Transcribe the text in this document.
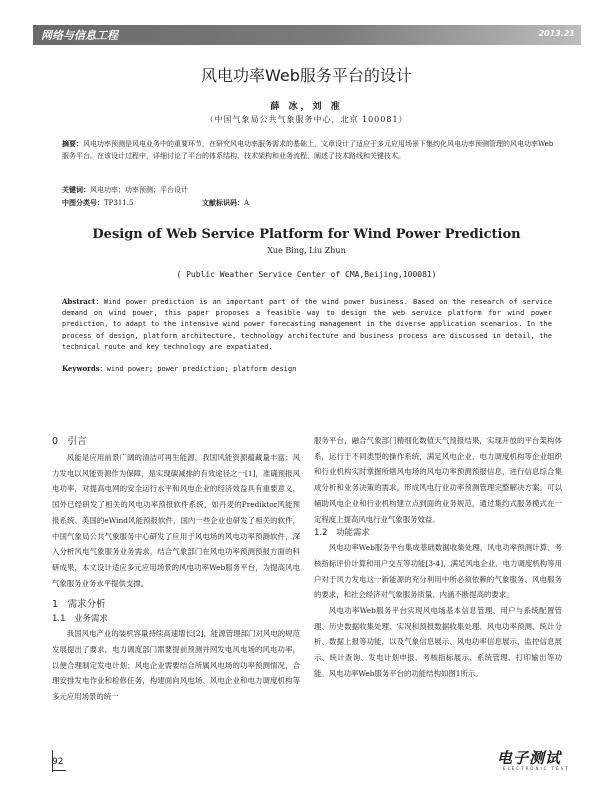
网络与信息工程	2013.21
风电功率Web服务平台的设计
薛 冰，刘 准
（中国气象局公共气象服务中心，北京 100081）
摘要：风电功率预测是风电业务中的重要环节，在研究风电功率服务需求的基础上，文章设计了适应于多元应用场景下集约化风电功率预测管理的风电功率Web服务平台。在该设计过程中，详细讨论了平台的体系结构、技术架构和业务流程，阐述了技术路线和关键技术。
关键词：风电功率；功率预测；平台设计
中图分类号：TP311.5	文献标识码：A
Design of Web Service Platform for Wind Power Prediction
Xue Bing, Liu Zhun
( Public Weather Service Center of CMA,Beijing,100081)
Abstract：Wind power prediction is an important part of the wind power business. Based on the research of service demand on wind power, this paper proposes a feasible way to design the web service platform for wind power prediction, to adapt to the intensive wind power forecasting management in the diverse application scenarios. In the process of design, platform architecture, technology architecture and business process are discussed in detail, the technical route and key technology are expatiated.
Keywords：wind power; power prediction; platform design
0　引言

风能是应用前景广阔的清洁可再生能源，我国风能资源蕴藏量丰富；风力发电以风能资源作为保障，是实现碳减排的有效途径之一[1]，准确预报风电功率，对提高电网的安全运行水平和风电企业的经济效益具有重要意义，国外已经研发了相关的风电功率预报软件系统，如丹麦的Prediktor风能预报系统、美国的eWind风能预报软件，国内一些企业也研发了相关的软件，中国气象局公共气象服务中心研发了应用于风电场的风电功率预测软件，深入分析风电气象服务业务需求，结合气象部门在风电功率预测预报方面的科研成果，本文设计适应多元应用场景的风电功率Web服务平台，为提高风电气象服务业务水平提供支撑。

1　需求分析
1.1　业务需求

我国风电产业的装机容量持续高速增长[2]，能源管理部门对风电的规范发展提出了要求，电力调度部门需要提前预测并网发电风电场的风电功率，以便合理制定发电计划；风电企业需要结合所属风电场的功率预测情况，合理安排发电作业和检修任务，构建面向风电场、风电企业和电力调度机构等多元应用场景的统一

服务平台，融合气象部门精细化数值天气预报结果，实现开放的平台架构体系，运行于不同类型的操作系统，满足风电企业、电力调度机构等企业组织和行业机构实时掌握所辖风电场的风电功率预测预报信息，进行信息综合集成分析和业务决策的需求，形成风电行业功率预测管理完整解决方案。可以辅助风电企业和行业机构建立点到面的业务规范，通过集约式服务模式在一定程度上提高风电行业气象服务效益。

1.2　功能需求

风电功率Web服务平台集成基础数据收集处理、风电功率预测计算、考核指标评价计算和用户交互等功能[3-4]，满足风电企业、电力调度机构等用户对于风力发电这一新能源的充分利用中所必须依赖的气象服务、风电服务的要求，和社会经济对气象服务质量、内涵不断提高的要求。

风电功率Web服务平台实现风电场基本信息管理、用户与系统配置管理、历史数据收集处理、实况和预报数据收集处理、风电功率预测、统计分析、数据上报等功能，以及气象信息展示、风电功率信息展示、监控信息展示、统计查询、发电计划申报、考核指标展示、系统管理、打印输出等功能。风电功率Web服务平台的功能结构如图1所示。

92	电子测试
ELECTRONIC TEST
